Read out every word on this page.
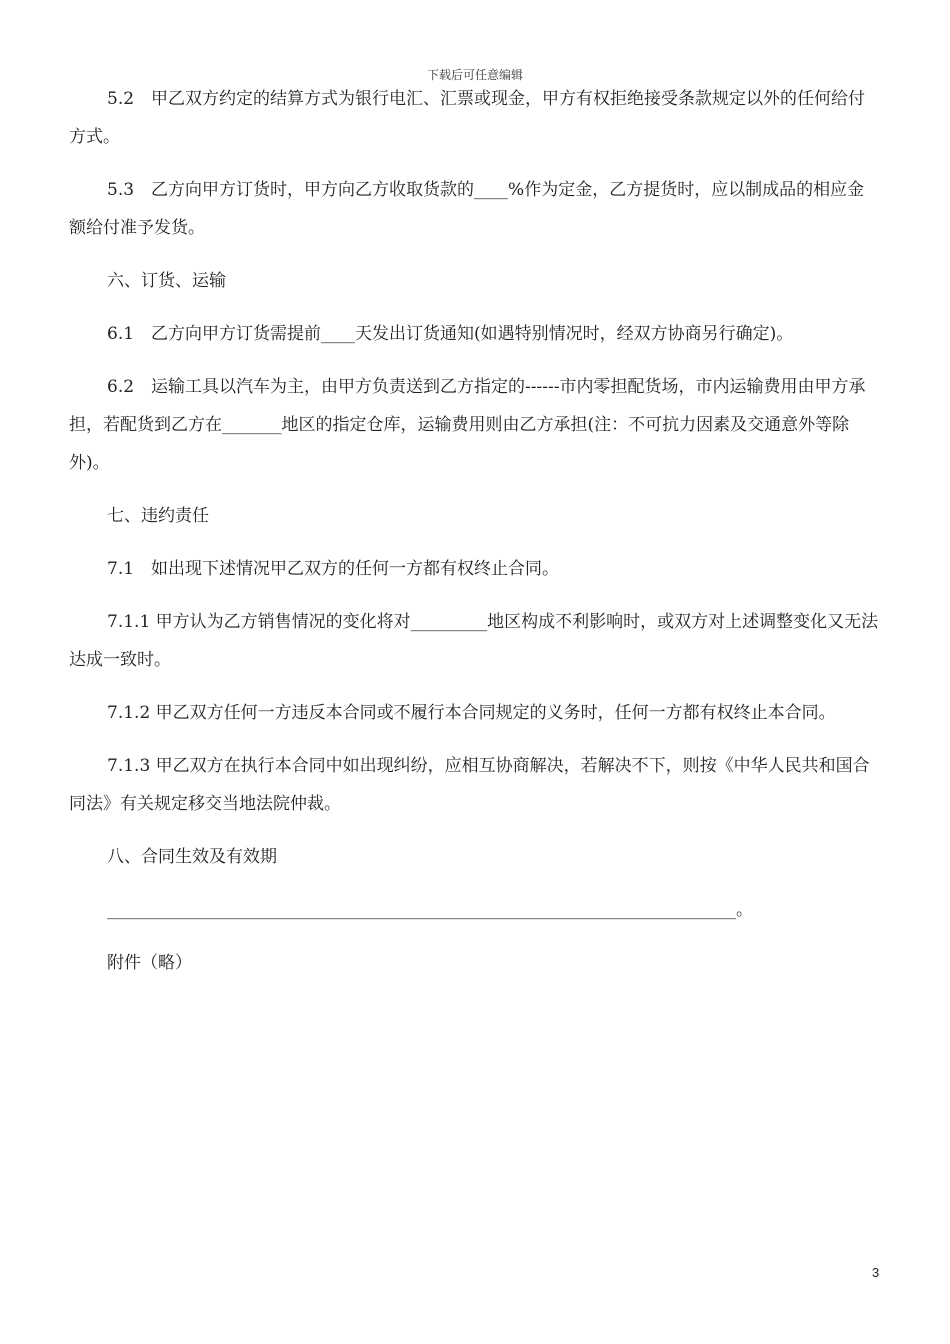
下载后可任意编辑

5.2　甲乙双方约定的结算方式为银行电汇、汇票或现金，甲方有权拒绝接受条款规定以外的任何给付方式。

5.3　乙方向甲方订货时，甲方向乙方收取货款的____%作为定金，乙方提货时，应以制成品的相应金额给付准予发货。

六、订货、运输

6.1　乙方向甲方订货需提前____天发出订货通知(如遇特别情况时，经双方协商另行确定)。

6.2　运输工具以汽车为主，由甲方负责送到乙方指定的------市内零担配货场，市内运输费用由甲方承担，若配货到乙方在_______地区的指定仓库，运输费用则由乙方承担(注：不可抗力因素及交通意外等除外)。

七、违约责任

7.1　如出现下述情况甲乙双方的任何一方都有权终止合同。

7.1.1 甲方认为乙方销售情况的变化将对_________地区构成不利影响时，或双方对上述调整变化又无法达成一致时。

7.1.2 甲乙双方任何一方违反本合同或不履行本合同规定的义务时，任何一方都有权终止本合同。

7.1.3 甲乙双方在执行本合同中如出现纠纷，应相互协商解决，若解决不下，则按《中华人民共和国合同法》有关规定移交当地法院仲裁。

八、合同生效及有效期

__________________________________________________________________________。

附件（略）

3
